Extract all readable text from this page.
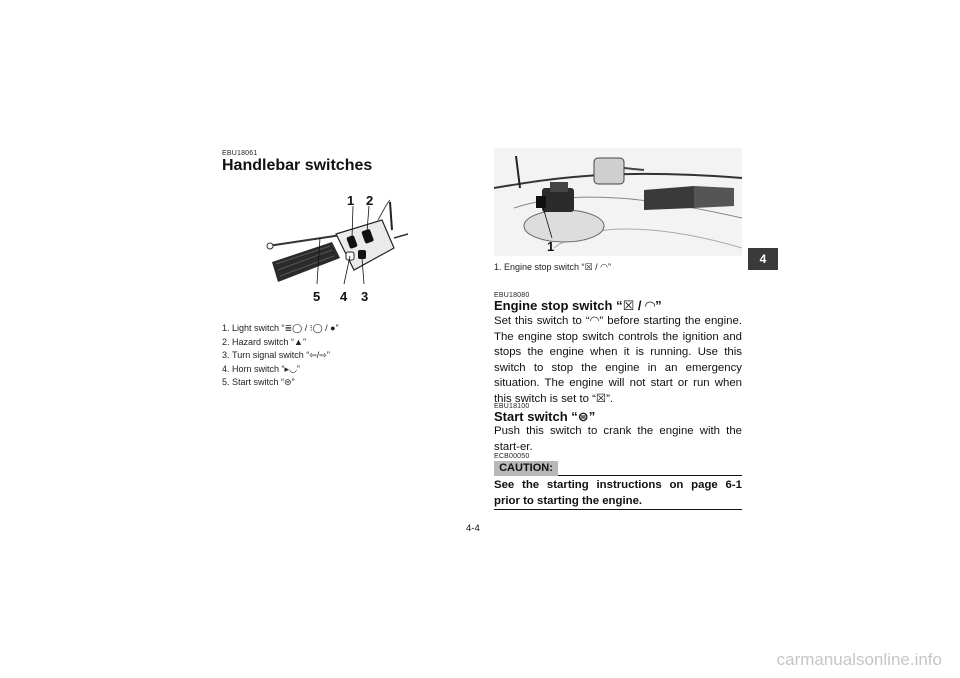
4
EBU18061
Handlebar switches
1 2
5 4 3
1. Light switch “≣◯ / ⁝◯ / ●”
2. Hazard switch “▲”
3. Turn signal switch “⇦/⇨”
4. Horn switch “▸◡”
5. Start switch “⊜”
1
1. Engine stop switch “☒ / ◠”
EBU18080
Engine stop switch “☒ / ◠”
Set this switch to “◠” before starting the engine. The engine stop switch controls the ignition and stops the engine when it is running. Use this switch to stop the engine in an emergency situation. The engine will not start or run when this switch is set to “☒”.
EBU18100
Start switch “⊜”
Push this switch to crank the engine with the start-er.
ECB00050
CAUTION:
See the starting instructions on page 6-1 prior to starting the engine.
4-4
carmanualsonline.info
